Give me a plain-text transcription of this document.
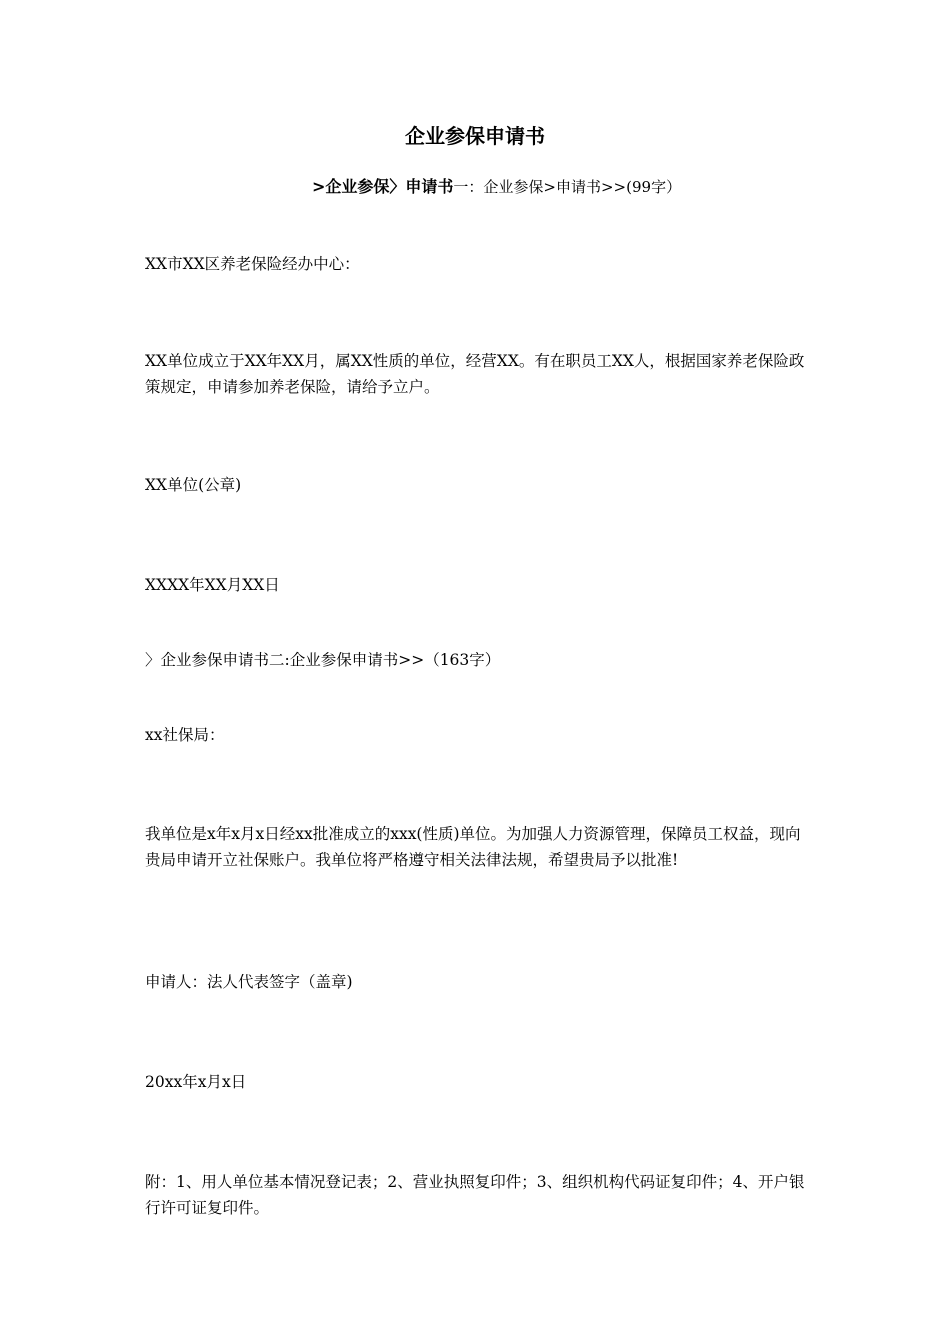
企业参保申请书
>企业参保〉申请书一：企业参保>申请书>>(99字）
XX市XX区养老保险经办中心：
XX单位成立于XX年XX月，属XX性质的单位，经营XX。有在职员工XX人，根据国家养老保险政策规定，申请参加养老保险，请给予立户。
XX单位(公章)
XXXX年XX月XX日
〉企业参保申请书二:企业参保申请书>>（163字）
xx社保局：
我单位是x年x月x日经xx批准成立的xxx(性质)单位。为加强人力资源管理，保障员工权益，现向贵局申请开立社保账户。我单位将严格遵守相关法律法规，希望贵局予以批准!
申请人：法人代表签字（盖章)
20xx年x月x日
附：1、用人单位基本情况登记表；2、营业执照复印件；3、组织机构代码证复印件；4、开户银行许可证复印件。
